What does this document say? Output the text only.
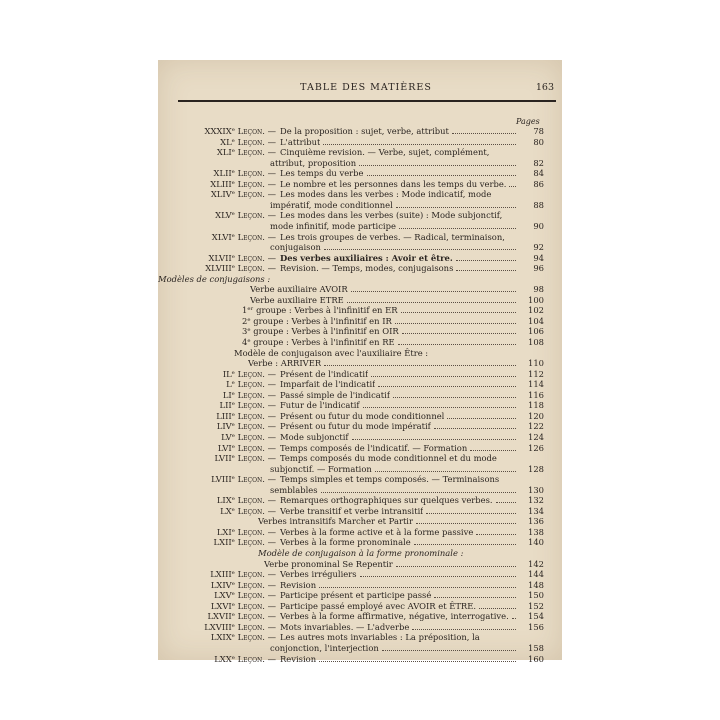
TABLE DES MATIÈRES	163
Pages
XXXIXᵉ Leçon. — De la proposition : sujet, verbe, attribut	78
XLᵉ Leçon. — L'attribut	80
XLIᵉ Leçon. — Cinquième revision. — Verbe, sujet, complément,
attribut, proposition	82
XLIIᵉ Leçon. — Les temps du verbe	84
XLIIIᵉ Leçon. — Le nombre et les personnes dans les temps du verbe.	86
XLIVᵉ Leçon. — Les modes dans les verbes : Mode indicatif, mode
impératif, mode conditionnel	88
XLVᵉ Leçon. — Les modes dans les verbes (suite) : Mode subjonctif,
mode infinitif, mode participe	90
XLVIᵉ Leçon. — Les trois groupes de verbes. — Radical, terminaison,
conjugaison	92
XLVIIᵉ Leçon. — Des verbes auxiliaires : Avoir et être.	94
XLVIIIᵉ Leçon. — Revision. — Temps, modes, conjugaisons	96
Modèles de conjugaisons :
Verbe auxiliaire AVOIR	98
Verbe auxiliaire ETRE	100
1ᵉʳ groupe : Verbes à l'infinitif en ER	102
2ᵉ groupe : Verbes à l'infinitif en IR	104
3ᵉ groupe : Verbes à l'infinitif en OIR	106
4ᵉ groupe : Verbes à l'infinitif en RE	108
Modèle de conjugaison avec l'auxiliaire Être :
Verbe : ARRIVER	110
ILᵉ Leçon. — Présent de l'indicatif	112
Lᵉ Leçon. — Imparfait de l'indicatif	114
LIᵉ Leçon. — Passé simple de l'indicatif	116
LIIᵉ Leçon. — Futur de l'indicatif	118
LIIIᵉ Leçon. — Présent ou futur du mode conditionnel	120
LIVᵉ Leçon. — Présent ou futur du mode impératif	122
LVᵉ Leçon. — Mode subjonctif	124
LVIᵉ Leçon. — Temps composés de l'indicatif. — Formation	126
LVIIᵉ Leçon. — Temps composés du mode conditionnel et du mode
subjonctif. — Formation	128
LVIIIᵉ Leçon. — Temps simples et temps composés. — Terminaisons
semblables	130
LIXᵉ Leçon. — Remarques orthographiques sur quelques verbes.	132
LXᵉ Leçon. — Verbe transitif et verbe intransitif	134
Verbes intransitifs Marcher et Partir	136
LXIᵉ Leçon. — Verbes à la forme active et à la forme passive	138
LXIIᵉ Leçon. — Verbes à la forme pronominale	140
Modèle de conjugaison à la forme pronominale :
Verbe pronominal Se Repentir	142
LXIIIᵉ Leçon. — Verbes irréguliers	144
LXIVᵉ Leçon. — Revision	148
LXVᵉ Leçon. — Participe présent et participe passé	150
LXVIᵉ Leçon. — Participe passé employé avec AVOIR et ÊTRE.	152
LXVIIᵉ Leçon. — Verbes à la forme affirmative, négative, interrogative.	154
LXVIIIᵉ Leçon. — Mots invariables. — L'adverbe	156
LXIXᵉ Leçon. — Les autres mots invariables : La préposition, la
conjonction, l'interjection	158
LXXᵉ Leçon. — Revision	160
